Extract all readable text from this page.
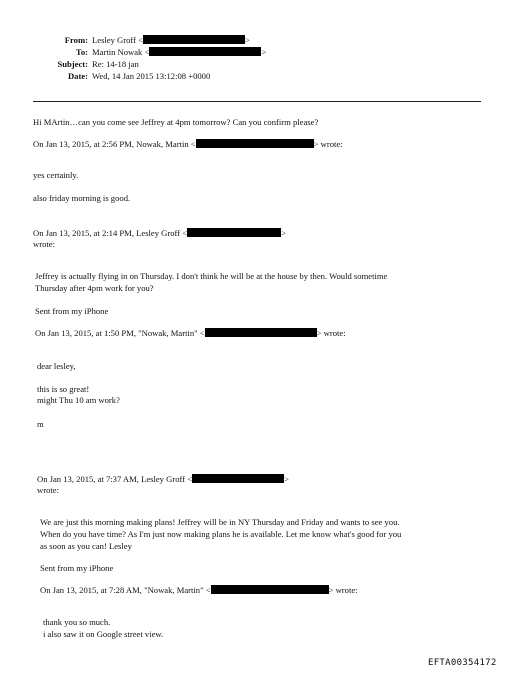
From: Lesley Groff <	>
To: Martin Nowak <	>
Subject: Re: 14-18 jan
Date: Wed, 14 Jan 2015 13:12:08 +0000
Hi MArtin…can you come see Jeffrey at 4pm tomorrow? Can you confirm please?
On Jan 13, 2015, at 2:56 PM, Nowak, Martin <	> wrote:
yes certainly.
also friday morning is good.
On Jan 13, 2015, at 2:14 PM, Lesley Groff <	>
wrote:
Jeffrey is actually flying in on Thursday. I don't think he will be at the house by then. Would sometime
Thursday after 4pm work for you?
Sent from my iPhone
On Jan 13, 2015, at 1:50 PM, "Nowak, Martin" <	> wrote:
dear lesley,
this is so great!
might Thu 10 am work?
m
On Jan 13, 2015, at 7:37 AM, Lesley Groff <	>
wrote:
We are just this morning making plans! Jeffrey will be in NY Thursday and Friday and wants to see you.
When do you have time? As I'm just now making plans he is available. Let me know what's good for you
as soon as you can! Lesley
Sent from my iPhone
On Jan 13, 2015, at 7:28 AM, "Nowak, Martin" <	> wrote:
thank you so much.
i also saw it on Google street view.
EFTA00354172
